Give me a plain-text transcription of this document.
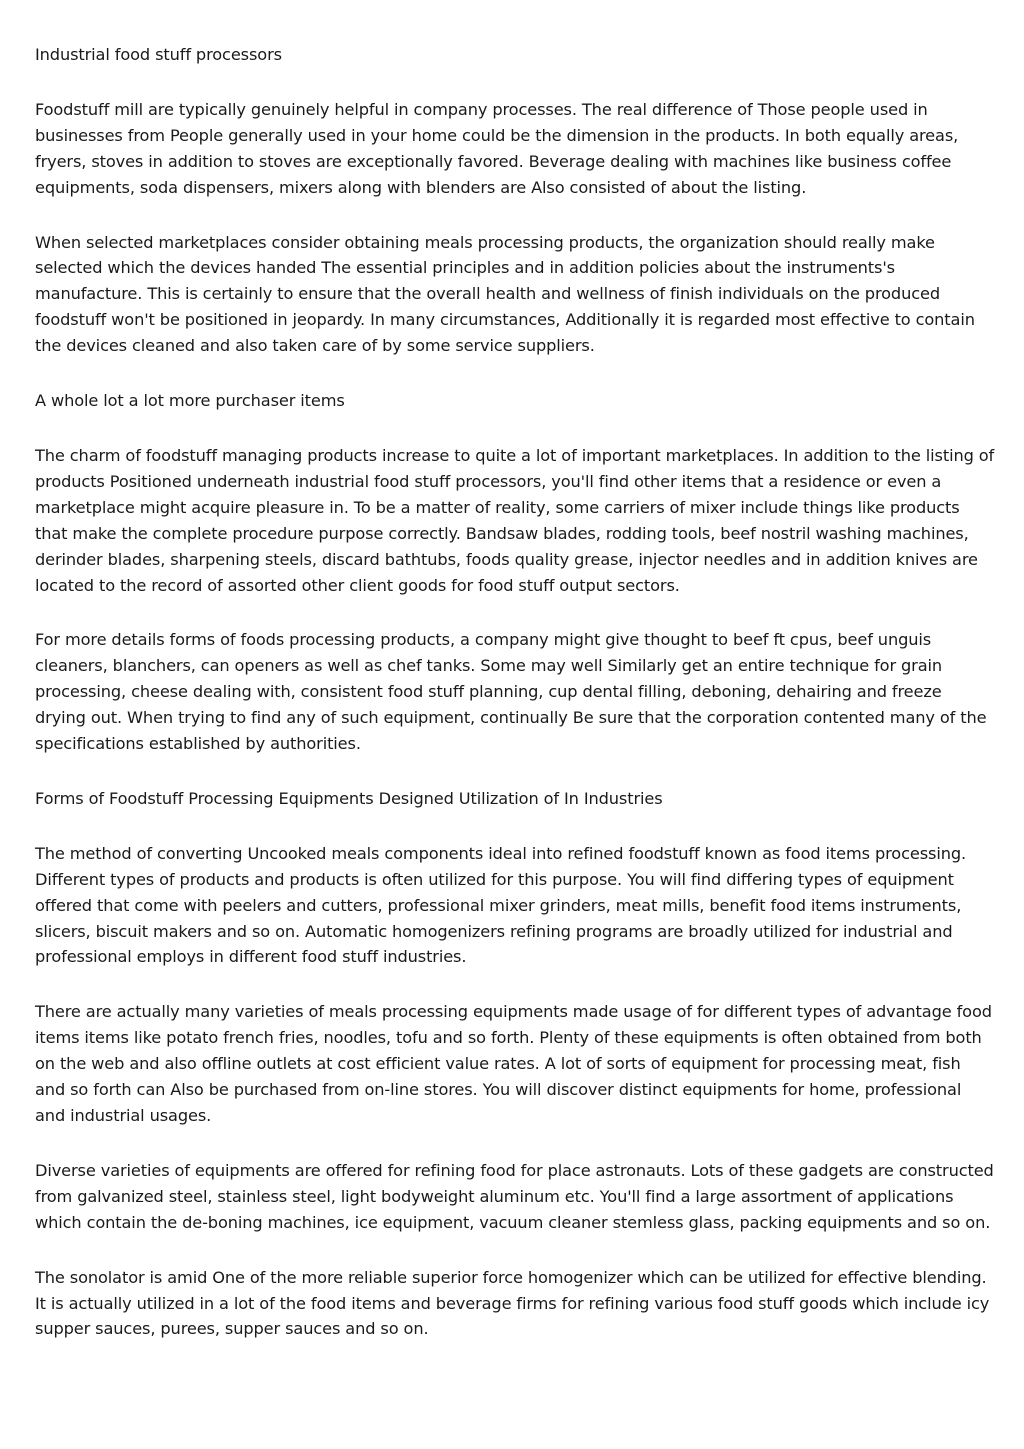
Industrial food stuff processors

Foodstuff mill are typically genuinely helpful in company processes. The real difference of Those people used in businesses from People generally used in your home could be the dimension in the products. In both equally areas, fryers, stoves in addition to stoves are exceptionally favored. Beverage dealing with machines like business coffee equipments, soda dispensers, mixers along with blenders are Also consisted of about the listing.

When selected marketplaces consider obtaining meals processing products, the organization should really make selected which the devices handed The essential principles and in addition policies about the instruments's manufacture. This is certainly to ensure that the overall health and wellness of finish individuals on the produced foodstuff won't be positioned in jeopardy. In many circumstances, Additionally it is regarded most effective to contain the devices cleaned and also taken care of by some service suppliers.

A whole lot a lot more purchaser items

The charm of foodstuff managing products increase to quite a lot of important marketplaces. In addition to the listing of products Positioned underneath industrial food stuff processors, you'll find other items that a residence or even a marketplace might acquire pleasure in. To be a matter of reality, some carriers of mixer include things like products that make the complete procedure purpose correctly. Bandsaw blades, rodding tools, beef nostril washing machines, derinder blades, sharpening steels, discard bathtubs, foods quality grease, injector needles and in addition knives are located to the record of assorted other client goods for food stuff output sectors.

For more details forms of foods processing products, a company might give thought to beef ft cpus, beef unguis cleaners, blanchers, can openers as well as chef tanks. Some may well Similarly get an entire technique for grain processing, cheese dealing with, consistent food stuff planning, cup dental filling, deboning, dehairing and freeze drying out. When trying to find any of such equipment, continually Be sure that the corporation contented many of the specifications established by authorities.

Forms of Foodstuff Processing Equipments Designed Utilization of In Industries

The method of converting Uncooked meals components ideal into refined foodstuff known as food items processing. Different types of products and products is often utilized for this purpose. You will find differing types of equipment offered that come with peelers and cutters, professional mixer grinders, meat mills, benefit food items instruments, slicers, biscuit makers and so on. Automatic homogenizers refining programs are broadly utilized for industrial and professional employs in different food stuff industries.

There are actually many varieties of meals processing equipments made usage of for different types of advantage food items items like potato french fries, noodles, tofu and so forth. Plenty of these equipments is often obtained from both on the web and also offline outlets at cost efficient value rates. A lot of sorts of equipment for processing meat, fish and so forth can Also be purchased from on-line stores. You will discover distinct equipments for home, professional and industrial usages.

Diverse varieties of equipments are offered for refining food for place astronauts. Lots of these gadgets are constructed from galvanized steel, stainless steel, light bodyweight aluminum etc. You'll find a large assortment of applications which contain the de-boning machines, ice equipment, vacuum cleaner stemless glass, packing equipments and so on.

The sonolator is amid One of the more reliable superior force homogenizer which can be utilized for effective blending. It is actually utilized in a lot of the food items and beverage firms for refining various food stuff goods which include icy supper sauces, purees, supper sauces and so on.
